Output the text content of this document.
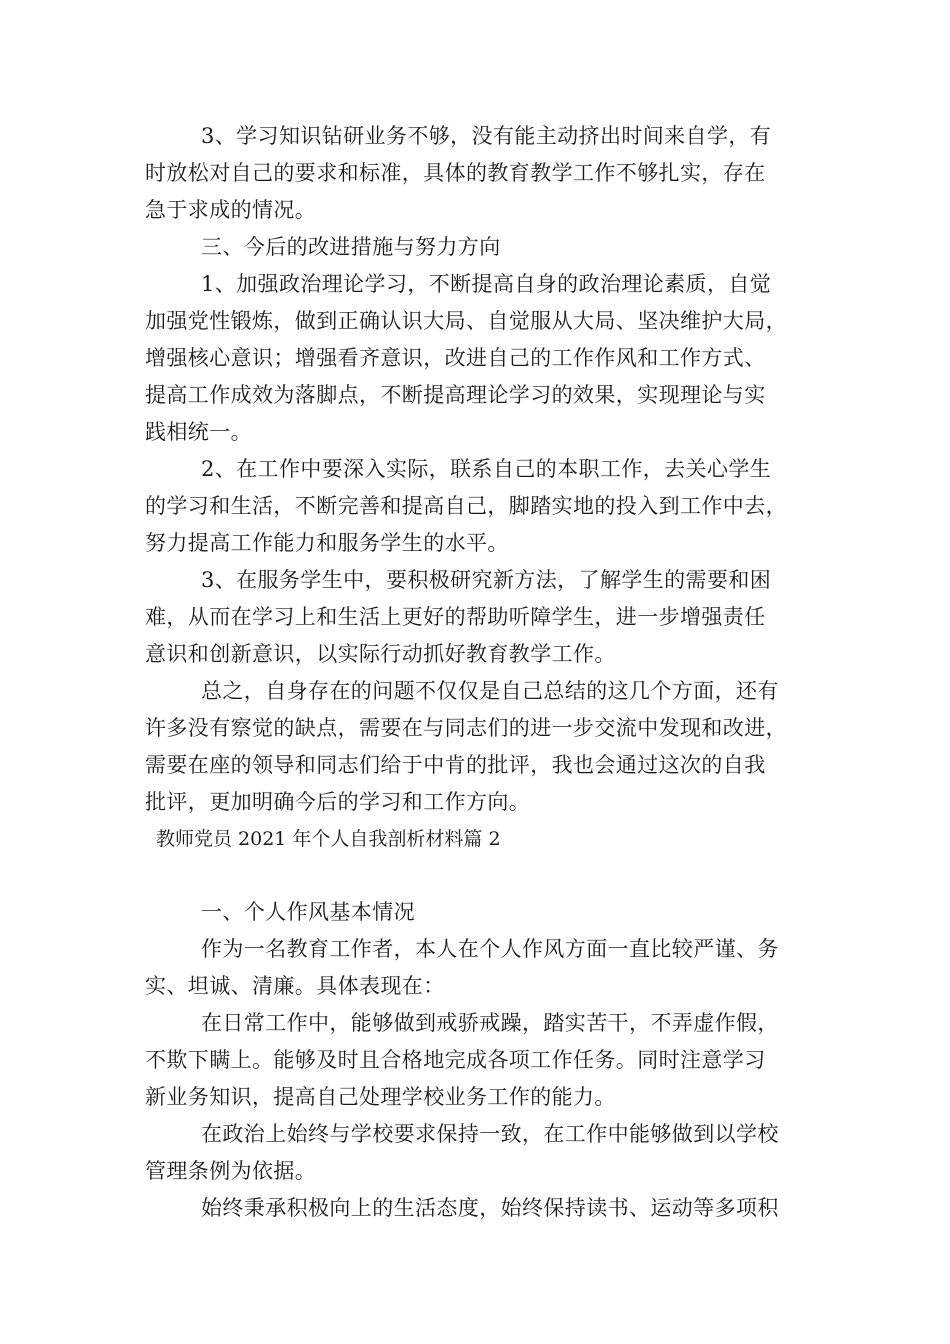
3、学习知识钻研业务不够，没有能主动挤出时间来自学，有
时放松对自己的要求和标准，具体的教育教学工作不够扎实，存在
急于求成的情况。
三、今后的改进措施与努力方向
1、加强政治理论学习，不断提高自身的政治理论素质，自觉
加强党性锻炼，做到正确认识大局、自觉服从大局、坚决维护大局，
增强核心意识；增强看齐意识，改进自己的工作作风和工作方式、
提高工作成效为落脚点，不断提高理论学习的效果，实现理论与实
践相统一。
2、在工作中要深入实际，联系自己的本职工作，去关心学生
的学习和生活，不断完善和提高自己，脚踏实地的投入到工作中去，
努力提高工作能力和服务学生的水平。
3、在服务学生中，要积极研究新方法，了解学生的需要和困
难，从而在学习上和生活上更好的帮助听障学生，进一步增强责任
意识和创新意识，以实际行动抓好教育教学工作。
总之，自身存在的问题不仅仅是自己总结的这几个方面，还有
许多没有察觉的缺点，需要在与同志们的进一步交流中发现和改进，
需要在座的领导和同志们给于中肯的批评，我也会通过这次的自我
批评，更加明确今后的学习和工作方向。
教师党员 2021 年个人自我剖析材料篇 2
一、个人作风基本情况
作为一名教育工作者，本人在个人作风方面一直比较严谨、务
实、坦诚、清廉。具体表现在：
在日常工作中，能够做到戒骄戒躁，踏实苦干，不弄虚作假，
不欺下瞒上。能够及时且合格地完成各项工作任务。同时注意学习
新业务知识，提高自己处理学校业务工作的能力。
在政治上始终与学校要求保持一致，在工作中能够做到以学校
管理条例为依据。
始终秉承积极向上的生活态度，始终保持读书、运动等多项积
